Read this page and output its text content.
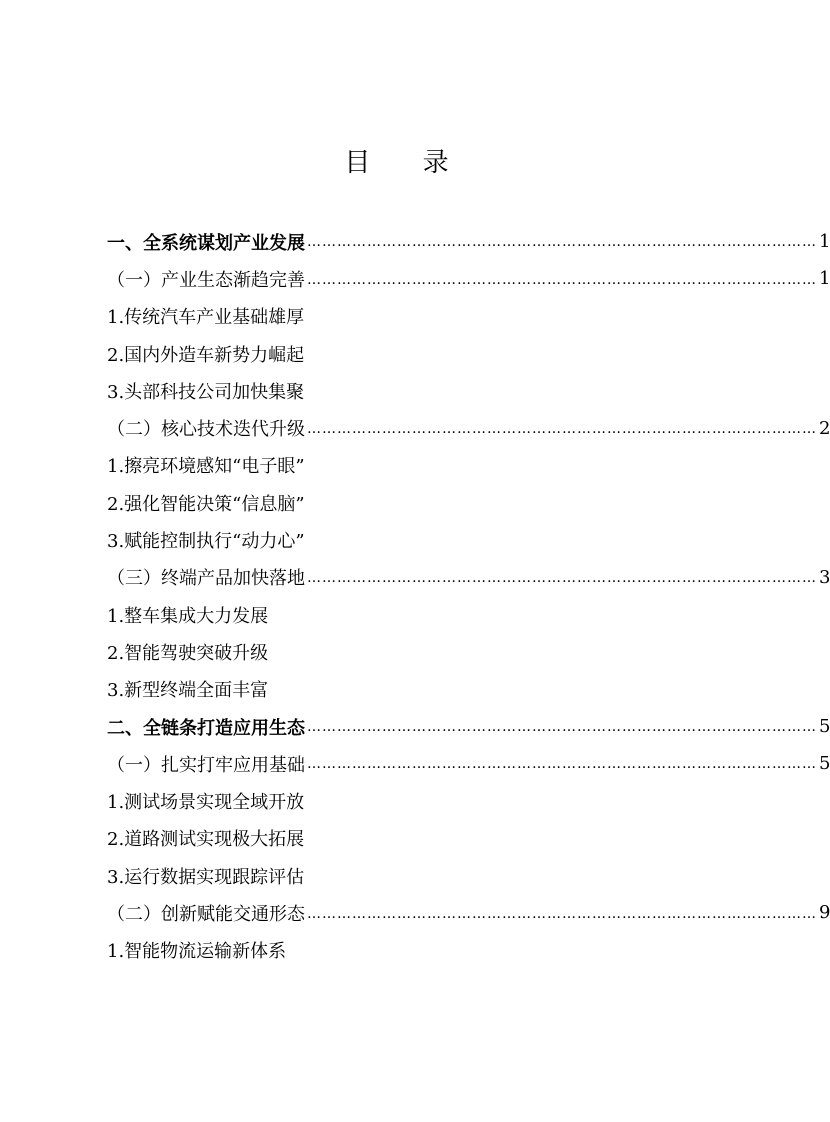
目 录
一、全系统谋划产业发展 ………………………………………………………………………………………… 1
（一）产业生态渐趋完善 ………………………………………………………………………………………… 1
1.传统汽车产业基础雄厚
2.国内外造车新势力崛起
3.头部科技公司加快集聚
（二）核心技术迭代升级 ………………………………………………………………………………………… 2
1.擦亮环境感知“电子眼”
2.强化智能决策“信息脑”
3.赋能控制执行“动力心”
（三）终端产品加快落地 ………………………………………………………………………………………… 3
1.整车集成大力发展
2.智能驾驶突破升级
3.新型终端全面丰富
二、全链条打造应用生态 ………………………………………………………………………………………… 5
（一）扎实打牢应用基础 ………………………………………………………………………………………… 5
1.测试场景实现全域开放
2.道路测试实现极大拓展
3.运行数据实现跟踪评估
（二）创新赋能交通形态 ………………………………………………………………………………………… 9
1.智能物流运输新体系
